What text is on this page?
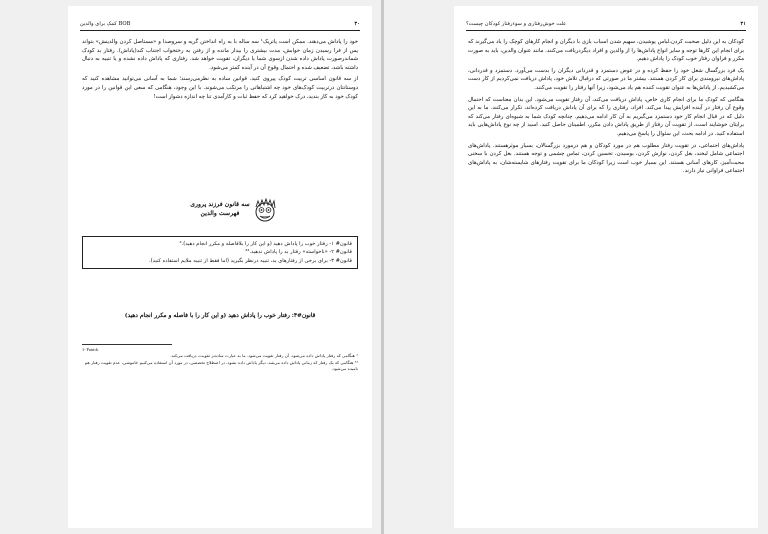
۳۰
BOB کمک برای والدین

خود را پاداش می‌دهند. ممکن است پاتریک¹ سه ساله با به راه انداختن گریه و سروصدا و «مستاصل کردن والدینش» بتواند پس از فرا رسیدن زمان خوابش، مدت بیشتری را بیدار مانده و از رفتن به رختخواب اجتناب کند(پاداش). رفتار بد کودک شماندرصورت پاداش داده شدن ازسوی شما یا دیگران، تقویت خواهد شد. رفتاری که پاداش داده نشده و یا تنبیه به دنبال داشته باشد، تضعیف شده و احتمال وقوع آن در آینده کمتر می‌شود.

از سه قانون اساسی تربیت کودک پیروی کنید. قوانین ساده به نظرمی‌رسند؛ شما به آسانی می‌توانید مشاهده کنید که دوستانتان درتربیت کودک‌های خود چه اشتباهاتی را مرتکب می‌شوند. با این وجود، هنگامی که سعی این قوانین را در مورد کودک خود به کار بندید، درک خواهید کرد که حفظ ثبات و کارآمدی تنا چه اندازه دشوار است!

سه قانون فرزند پروری
فهرست والدین

قانون# ۱- رفتار خوب را پاداش دهید (و این کار را بلافاصله و مکرر انجام دهید).²

قانون# ۲- «ناخواسته» رفتار بد را پاداش ندهید.³³

قانون# ۳- برای برخی از رفتارهای بد، تنبیه درنظر بگیرید (اما فقط از تنبیه ملایم استفاده کنید).

قانون#۴: رفتار خوب را پاداش دهید (و این کار را با فاصله و مکرر انجام دهید)
1- Patrick
² هنگامی که رفتار پاداش داده می‌شود، آن رفتار تقویت می‌شود. ما به عبارت ساده‌تر تقویت، دریافت می‌کند.
³³ هنگامی که یک رفتار که زمانی پاداش داده می‌شد، دیگر پاداش داده نشود، در اصطلاح تخصصی، در مورد آن استفاده می‌کنیم خاموشی، عدم تقویت رفتار هم نامیده می‌شود.
۳۱
علت خوش‌رفتاری و سوءرفتار کودکان چیست؟

کودکان به این دلیل صحبت کردن،لباس پوشیدن، سهیم شدن اسباب بازی با دیگران و انجام کارهای کوچک را یاد می‌گیرند که برای انجام این کارها توجه و سایر انواع پاداش‌ها را از والدین و افراد دیگردریافت می‌کنند. مانند عنوان والدین، باید به صورت مکرر و فراوان رفتار خوب کودک را پاداش دهیم.

یک فرد بزرگسال شغل خود را حفظ کرده و در عوض دستمزد و قدردانی دیگران را بدست می‌آورد. دستمزد و قدردانی، پاداش‌های نیرومندی برای کار کردن هستند. بیشتر ما در صورتی که درقبال تلاش خود، پاداش دریافت نمی‌کردیم از کار دست می‌کشیدیم. از پاداش‌ها به عنوان تقویت کننده هم یاد می‌شود، زیرا آنها رفتار را تقویت می‌کنند.

هنگامی که کودک ما برای انجام کاری خاص، پاداش دریافت می‌کند، آن رفتار تقویت می‌شود. این بدان معناست که احتمال وقوع آن رفتار در آینده افزایش پیدا می‌کند. افراد، رفتاری را که برای آن پاداش دریافت کرده‌اند، تکرار می‌کنند. ما به این دلیل که در قبال انجام کار خود دستمزد می‌گیریم به آن کار ادامه می‌دهیم. چنانچه کودک شما به شیوه‌ای رفتار می‌کند که برایتان خوشایند است، از تقویت آن رفتار از طریق پاداش دادن مکرر، اطمینان حاصل کنید. اسید از چه نوع پاداش‌هایی باید استفاده کنید. در ادامه بحث، این سئوال را پاسخ می‌دهیم.

پاداش‌های اجتماعی، در تقویت رفتار مطلوب هم در مورد کودکان و هم درمورد بزرگسالان، بسیار موثرهستند. پاداش‌های اجتماعی شامل لبخند، بغل کردن، نوازش کردن، بوسیدن، تحسین کردن، تماس چشمی و توجه هستند. بغل کردن با سخنی محبت‌آمیز، کارهای آسانی هستند. این بسیار خوب است زیرا کودکان ما برای تقویت رفتارهای شایسته‌شان، به پاداش‌های اجتماعی فراوانی نیاز دارند.
